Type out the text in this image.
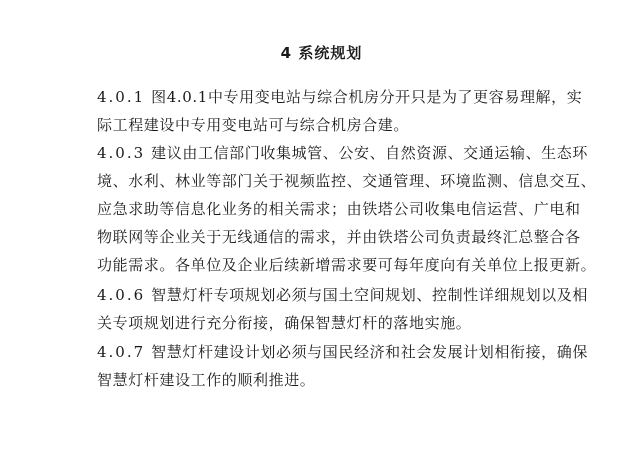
4 系统规划
4.0.1 图4.0.1中专用变电站与综合机房分开只是为了更容易理解，实
际工程建设中专用变电站可与综合机房合建。
4.0.3 建议由工信部门收集城管、公安、自然资源、交通运输、生态环
境、水利、林业等部门关于视频监控、交通管理、环境监测、信息交互、
应急求助等信息化业务的相关需求；由铁塔公司收集电信运营、广电和
物联网等企业关于无线通信的需求，并由铁塔公司负责最终汇总整合各
功能需求。各单位及企业后续新增需求要可每年度向有关单位上报更新。
4.0.6 智慧灯杆专项规划必须与国土空间规划、控制性详细规划以及相
关专项规划进行充分衔接，确保智慧灯杆的落地实施。
4.0.7 智慧灯杆建设计划必须与国民经济和社会发展计划相衔接，确保
智慧灯杆建设工作的顺利推进。
